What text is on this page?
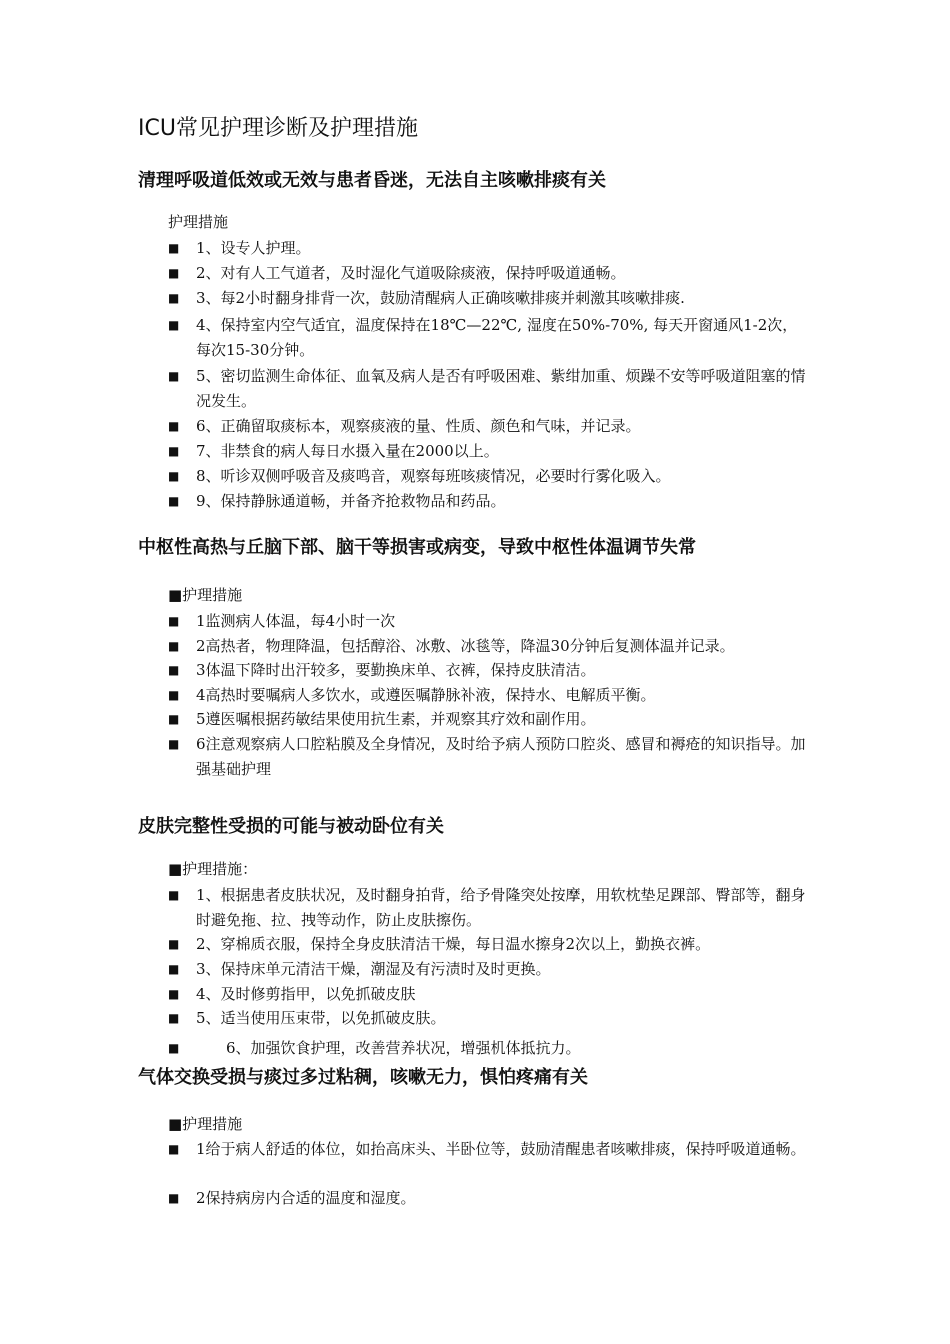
ICU常见护理诊断及护理措施
清理呼吸道低效或无效与患者昏迷，无法自主咳嗽排痰有关

护理措施

■ 1、设专人护理。
■ 2、对有人工气道者，及时湿化气道吸除痰液，保持呼吸道通畅。
■ 3、每2小时翻身排背一次，鼓励清醒病人正确咳嗽排痰并刺激其咳嗽排痰.
■ 4、保持室内空气适宜，温度保持在18℃—22℃, 湿度在50%-70%, 每天开窗通风1-2次，每次15-30分钟。
■ 5、密切监测生命体征、血氧及病人是否有呼吸困难、紫绀加重、烦躁不安等呼吸道阻塞的情况发生。
■ 6、正确留取痰标本，观察痰液的量、性质、颜色和气味，并记录。
■ 7、非禁食的病人每日水摄入量在2000以上。
■ 8、听诊双侧呼吸音及痰鸣音，观察每班咳痰情况，必要时行雾化吸入。
■ 9、保持静脉通道畅，并备齐抢救物品和药品。
中枢性高热与丘脑下部、脑干等损害或病变，导致中枢性体温调节失常

■护理措施

■ 1监测病人体温，每4小时一次
■ 2高热者，物理降温，包括醇浴、冰敷、冰毯等，降温30分钟后复测体温并记录。
■ 3体温下降时出汗较多，要勤换床单、衣裤，保持皮肤清洁。
■ 4高热时要嘱病人多饮水，或遵医嘱静脉补液，保持水、电解质平衡。
■ 5遵医嘱根据药敏结果使用抗生素，并观察其疗效和副作用。
■ 6注意观察病人口腔粘膜及全身情况，及时给予病人预防口腔炎、感冒和褥疮的知识指导。加强基础护理
皮肤完整性受损的可能与被动卧位有关

■护理措施：

■ 1、根据患者皮肤状况，及时翻身拍背，给予骨隆突处按摩，用软枕垫足踝部、臀部等，翻身时避免拖、拉、拽等动作，防止皮肤擦伤。
■ 2、穿棉质衣服，保持全身皮肤清洁干燥，每日温水擦身2次以上，勤换衣裤。
■ 3、保持床单元清洁干燥，潮湿及有污渍时及时更换。
■ 4、及时修剪指甲，以免抓破皮肤
■ 5、适当使用压束带，以免抓破皮肤。
■	6、加强饮食护理，改善营养状况，增强机体抵抗力。
气体交换受损与痰过多过粘稠，咳嗽无力，惧怕疼痛有关

■护理措施

■ 1给于病人舒适的体位，如抬高床头、半卧位等，鼓励清醒患者咳嗽排痰，保持呼吸道通畅。
■ 2保持病房内合适的温度和湿度。
